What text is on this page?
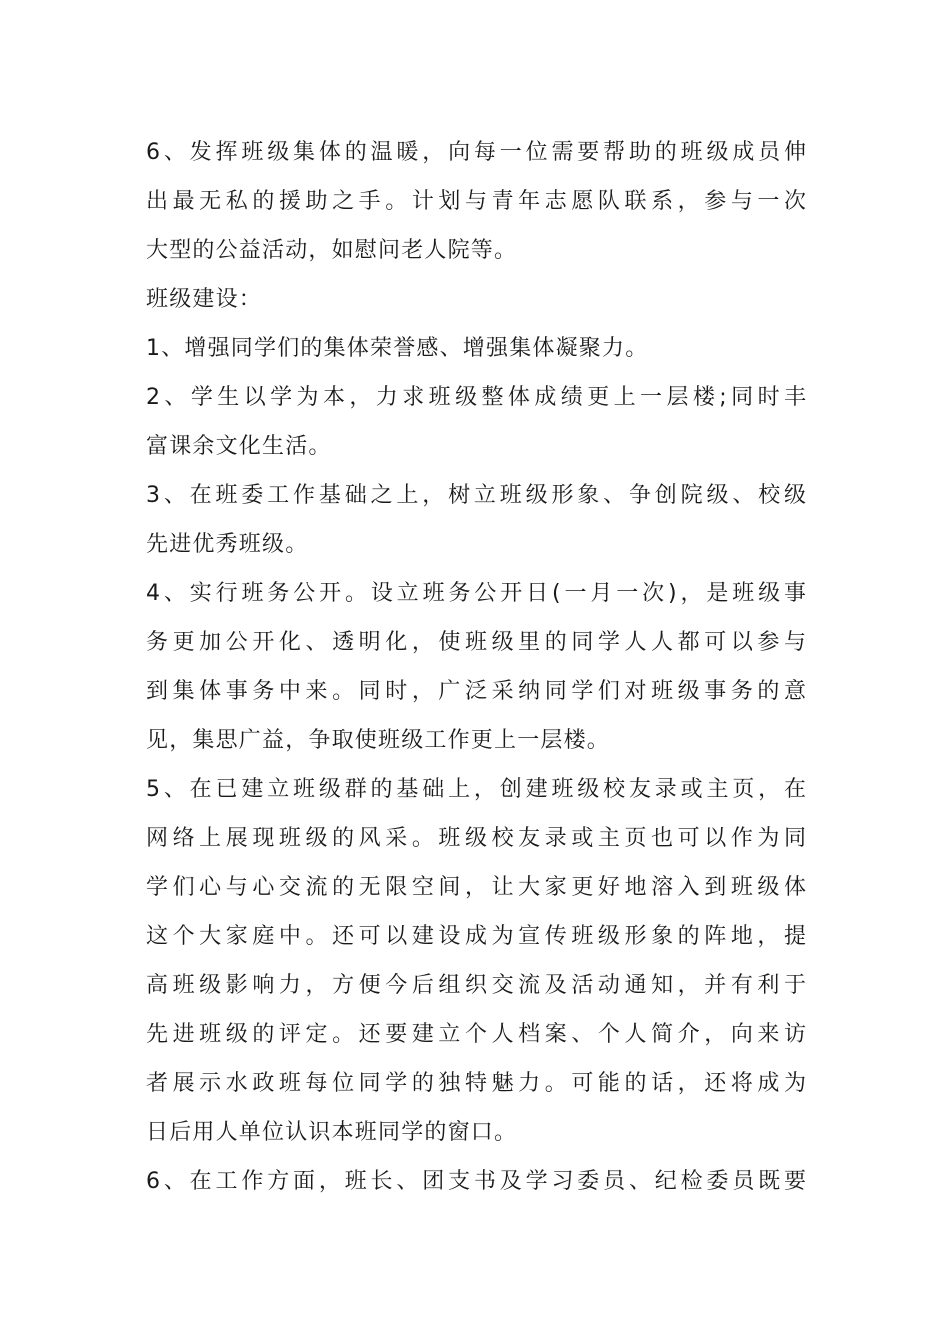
6、发挥班级集体的温暖，向每一位需要帮助的班级成员伸
出最无私的援助之手。计划与青年志愿队联系，参与一次
大型的公益活动，如慰问老人院等。
班级建设：
1、增强同学们的集体荣誉感、增强集体凝聚力。
2、学生以学为本，力求班级整体成绩更上一层楼;同时丰
富课余文化生活。
3、在班委工作基础之上，树立班级形象、争创院级、校级
先进优秀班级。
4、实行班务公开。设立班务公开日(一月一次)，是班级事
务更加公开化、透明化，使班级里的同学人人都可以参与
到集体事务中来。同时，广泛采纳同学们对班级事务的意
见，集思广益，争取使班级工作更上一层楼。
5、在已建立班级群的基础上，创建班级校友录或主页，在
网络上展现班级的风采。班级校友录或主页也可以作为同
学们心与心交流的无限空间，让大家更好地溶入到班级体
这个大家庭中。还可以建设成为宣传班级形象的阵地，提
高班级影响力，方便今后组织交流及活动通知，并有利于
先进班级的评定。还要建立个人档案、个人简介，向来访
者展示水政班每位同学的独特魅力。可能的话，还将成为
日后用人单位认识本班同学的窗口。
6、在工作方面，班长、团支书及学习委员、纪检委员既要
